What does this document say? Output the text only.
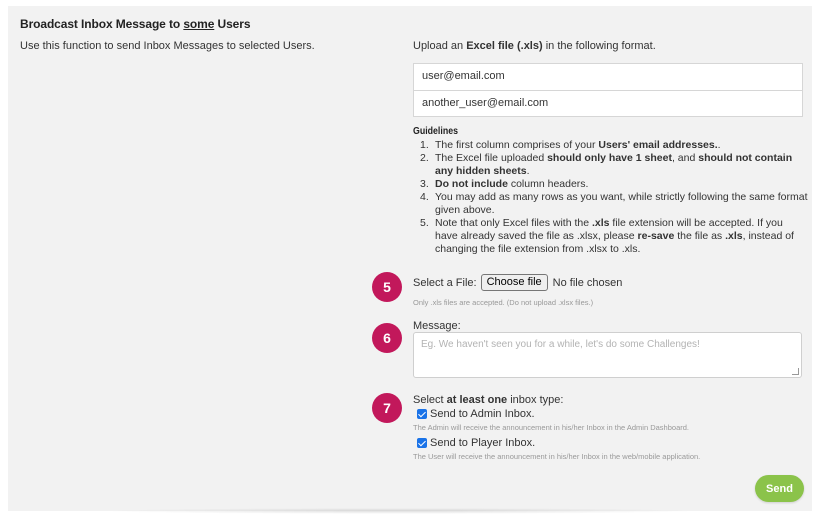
Broadcast Inbox Message to some Users
Use this function to send Inbox Messages to selected Users.	Upload an Excel file (.xls) in the following format.
user@email.com
another_user@email.com
Guidelines
1. The first column comprises of your Users' email addresses..
2. The Excel file uploaded should only have 1 sheet, and should not contain any hidden sheets.
3. Do not include column headers.
4. You may add as many rows as you want, while strictly following the same format given above.
5. Note that only Excel files with the .xls file extension will be accepted. If you have already saved the file as .xlsx, please re-save the file as .xls, instead of changing the file extension from .xlsx to .xls.
5	Select a File: Choose file	No file chosen
Only .xls files are accepted. (Do not upload .xlsx files.)
6
Message:
Eg. We haven't seen you for a while, let's do some Challenges!
7	Select at least one inbox type:
Send to Admin Inbox.
The Admin will receive the announcement in his/her Inbox in the Admin Dashboard.
Send to Player Inbox.
The User will receive the announcement in his/her Inbox in the web/mobile application.
Send
